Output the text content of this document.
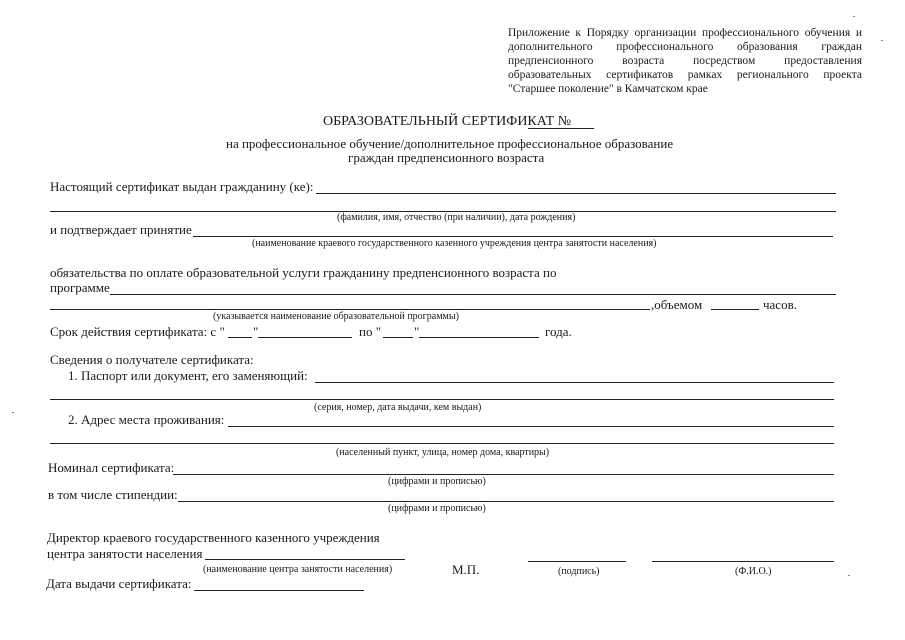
Приложение к Порядку организации профессионального обучения и
дополнительного профессионального образования граждан
предпенсионного возраста посредством предоставления
образовательных сертификатов рамках регионального проекта
"Старшее поколение" в Камчатском крае
ОБРАЗОВАТЕЛЬНЫЙ СЕРТИФИКАТ №
на профессиональное обучение/дополнительное профессиональное образование
граждан предпенсионного возраста
Настоящий сертификат выдан гражданину (ке):
(фамилия, имя, отчество (при наличии), дата рождения)
и подтверждает принятие
(наименование краевого государственного казенного учреждения центра занятости населения)
обязательства по оплате образовательной услуги гражданину предпенсионного возраста по
программе
,объемом	часов.
(указывается наименование образовательной программы)
Срок действия сертификата: с " "	по "	"	года.
Сведения о получателе сертификата:
1. Паспорт или документ, его заменяющий:
(серия, номер, дата выдачи, кем выдан)
2. Адрес места проживания:
(населенный пункт, улица, номер дома, квартиры)
Номинал сертификата:
(цифрами и прописью)
в том числе стипендии:
(цифрами и прописью)
Директор краевого государственного казенного учреждения
центра занятости населения
(наименование центра занятости населения)	М.П.	(подпись)	(Ф.И.О.)
Дата выдачи сертификата:
